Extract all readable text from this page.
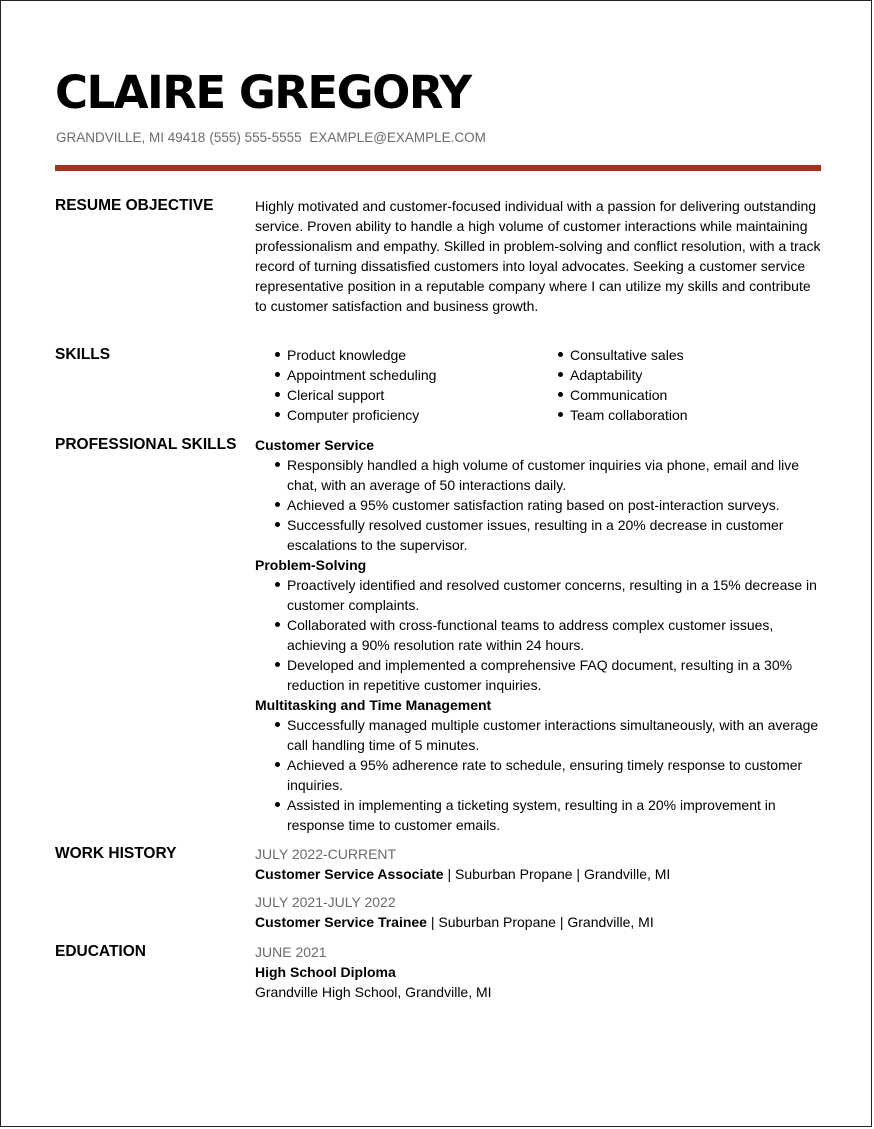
CLAIRE GREGORY
GRANDVILLE, MI 49418 (555) 555-5555 EXAMPLE@EXAMPLE.COM
RESUME OBJECTIVE	Highly motivated and customer-focused individual with a passion for delivering outstanding service. Proven ability to handle a high volume of customer interactions while maintaining professionalism and empathy. Skilled in problem-solving and conflict resolution, with a track record of turning dissatisfied customers into loyal advocates. Seeking a customer service representative position in a reputable company where I can utilize my skills and contribute to customer satisfaction and business growth.

SKILLS	Product knowledge
Appointment scheduling
Clerical support
Computer proficiency
Consultative sales
Adaptability
Communication
Team collaboration
PROFESSIONAL SKILLS	Customer Service
Responsibly handled a high volume of customer inquiries via phone, email and live chat, with an average of 50 interactions daily.
Achieved a 95% customer satisfaction rating based on post-interaction surveys.
Successfully resolved customer issues, resulting in a 20% decrease in customer escalations to the supervisor.
Problem-Solving
Proactively identified and resolved customer concerns, resulting in a 15% decrease in customer complaints.
Collaborated with cross-functional teams to address complex customer issues, achieving a 90% resolution rate within 24 hours.
Developed and implemented a comprehensive FAQ document, resulting in a 30% reduction in repetitive customer inquiries.
Multitasking and Time Management
Successfully managed multiple customer interactions simultaneously, with an average call handling time of 5 minutes.
Achieved a 95% adherence rate to schedule, ensuring timely response to customer inquiries.
Assisted in implementing a ticketing system, resulting in a 20% improvement in response time to customer emails.
WORK HISTORY	JULY 2022-CURRENT
Customer Service Associate | Suburban Propane | Grandville, MI
JULY 2021-JULY 2022
Customer Service Trainee | Suburban Propane | Grandville, MI
EDUCATION	JUNE 2021
High School Diploma
Grandville High School, Grandville, MI
